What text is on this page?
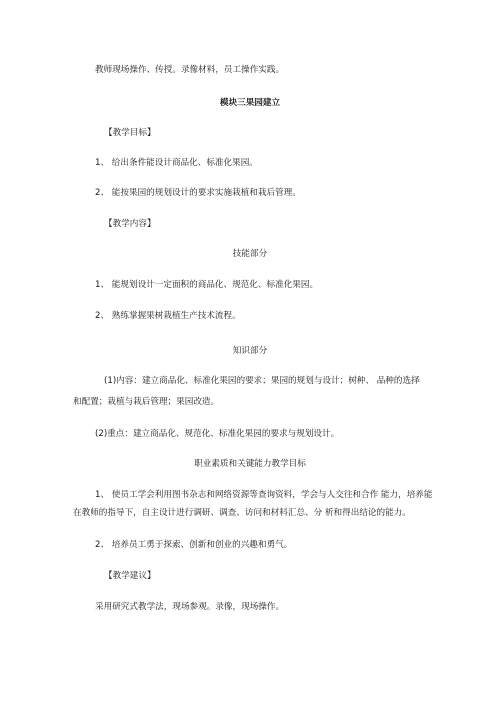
教师现场操作、传授。录像材料，员工操作实践。
模块三果园建立
【教学目标】
1、 给出条件能设计商品化、标准化果园。
2、 能按果园的规划设计的要求实施栽植和栽后管理。
【教学内容】
技能部分
1、 能规划设计一定面积的商品化、规范化、标准化果园。
2、 熟练掌握果树栽植生产技术流程。
知识部分
(1)内容：建立商品化、标准化果园的要求；果园的规划与设计；树种、 品种的选择
和配置；栽植与栽后管理；果园改造。
(2)重点：建立商品化、规范化、标准化果园的要求与规划设计。
职业素质和关键能力教学目标
1、 使员工学会利用图书杂志和网络资源等查询资料，学会与人交往和合作 能力，培养能
在教师的指导下，自主设计进行调研、调查、访问和材料汇总、分 析和得出结论的能力。
2、 培养员工勇于探索、创新和创业的兴趣和勇气。
【教学建议】
采用研究式教学法，现场参观。录像，现场操作。
